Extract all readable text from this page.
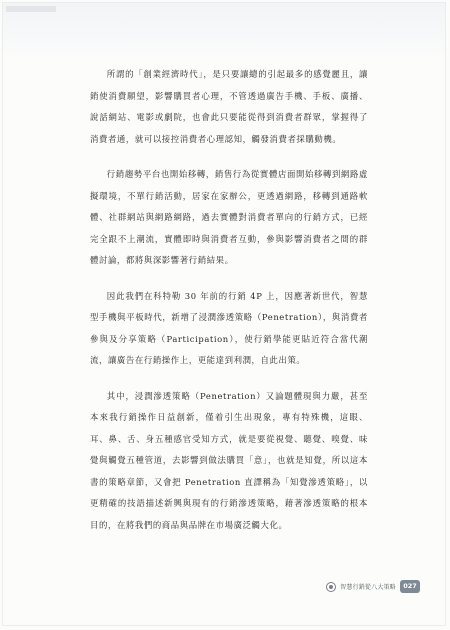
所謂的「創業經濟時代」，是只要讓總的引起最多的感覺麗且，讓銷使消費願望，影響購買者心理，不管透過廣告手機、手板、廣播、說話網站、電影或劇院，也會此只要能從得到消費者群眾，掌握得了消費者通，就可以接控消費者心理認知，觸發消費者採購動機。

行銷趨勢平台也開始移轉，銷售行為從實體店面開始移轉到網路虛擬環境，不單行銷活動，居家在家辦公，更透過網路，移轉到通路軟體、社群網站與網路網路，過去實體對消費者單向的行銷方式，已經完全跟不上潮流，實體即時與消費者互動，參與影響消費者之間的群體討論，都將與深影響著行銷結果。

因此我們在科特勒 30 年前的行銷 4P 上，因應著新世代，智慧型手機與平板時代，新增了浸潤滲透策略（Penetration），與消費者參與及分享策略（Participation），使行銷學能更貼近符合當代潮流，讓廣告在行銷操作上，更能達到利潤，自此出策。

其中，浸潤滲透策略（Penetration）又論題體現與力嚴，甚至本來我行銷操作日益創新，僅着引生出現象，專有特殊機，這眼、耳、鼻、舌、身五種感官受知方式，就是要從視覺、聽覺、嗅覺、味覺與觸覺五種管道，去影響到做法購買「意」，也就是知覺，所以這本書的策略章節，又會把 Penetration 直譯稱為「知覺滲透策略」，以更精確的技語描述新興與現有的行銷滲透策略，藉著滲透策略的根本目的，在將我們的商品與品牌在市場廣泛觸大化。

智慧行銷從八大策略	027
